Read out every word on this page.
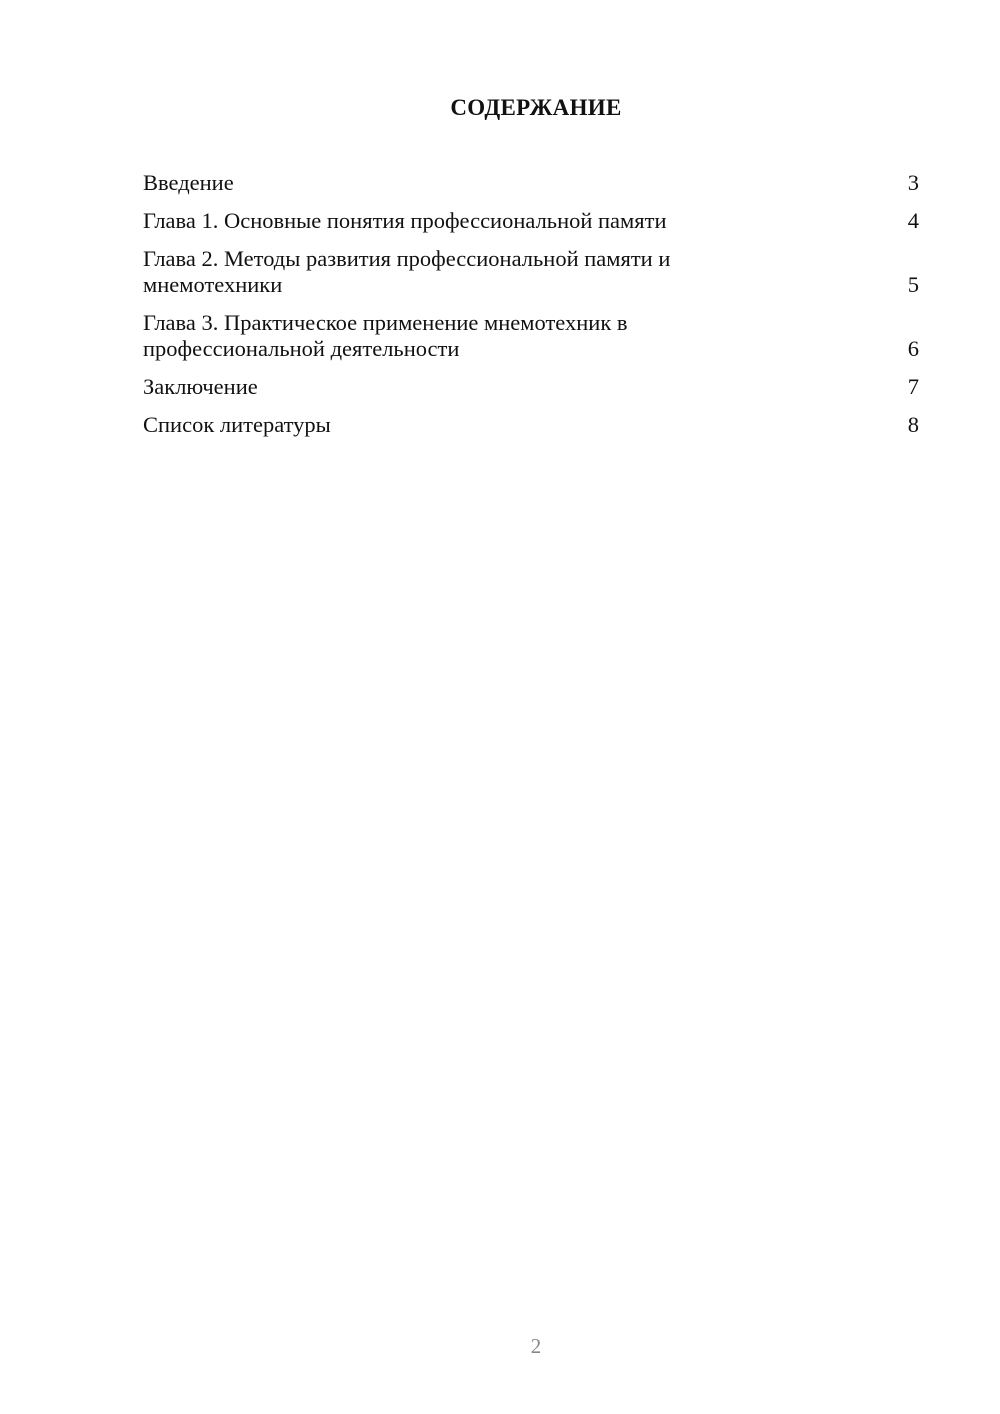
СОДЕРЖАНИЕ
Введение	3
Глава 1. Основные понятия профессиональной памяти	4
Глава 2. Методы развития профессиональной памяти и
мнемотехники	5
Глава 3. Практическое применение мнемотехник в
профессиональной деятельности	6
Заключение	7
Список литературы	8
2
